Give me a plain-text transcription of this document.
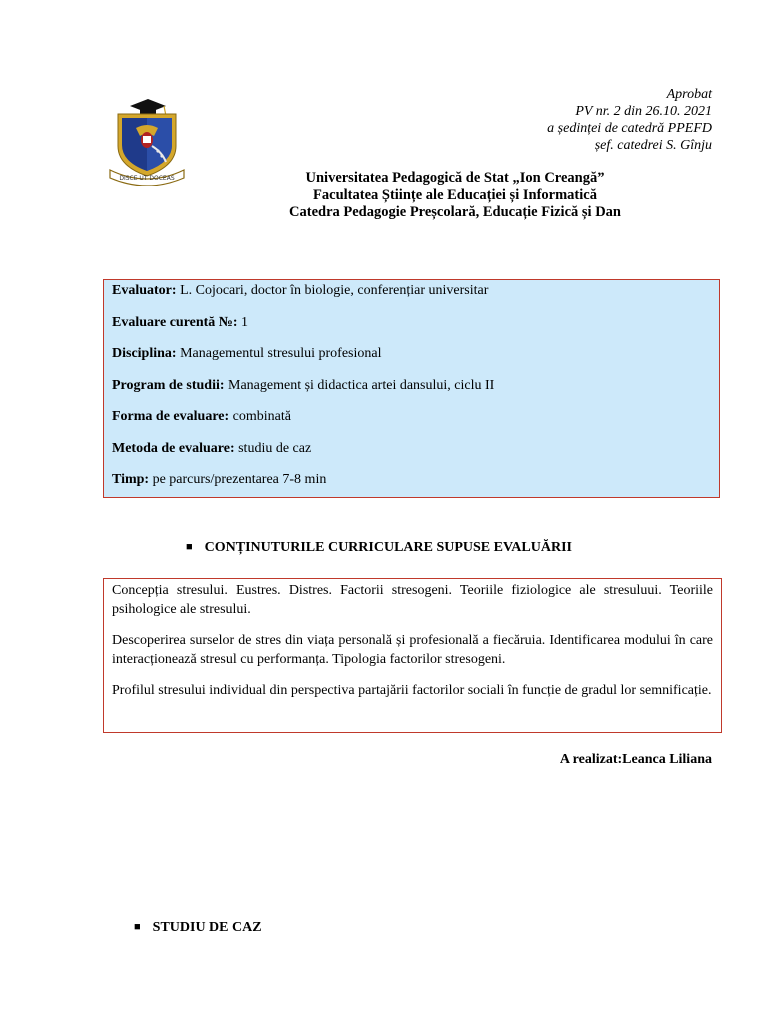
Aprobat
PV nr. 2 din 26.10. 2021
a ședinței de catedră PPEFD
șef. catedrei S. Gînju
DISCE UT DOCEAS	Universitatea Pedagogică de Stat „Ion Creangă”
Facultatea Științe ale Educației și Informatică
Catedra Pedagogie Preșcolară, Educație Fizică și Dan
Evaluator: L. Cojocari, doctor în biologie, conferențiar universitar
Evaluare curentă №: 1
Disciplina: Managementul stresului profesional
Program de studii: Management și didactica artei dansului, ciclu II
Forma de evaluare: combinată
Metoda de evaluare: studiu de caz
Timp: pe parcurs/prezentarea 7-8 min
■ CONȚINUTURILE CURRICULARE SUPUSE EVALUĂRII

Concepția stresului. Eustres. Distres. Factorii stresogeni. Teoriile fiziologice ale stresuluui. Teoriile psihologice ale stresului.

Descoperirea surselor de stres din viața personală și profesională a fiecăruia. Identificarea modului în care interacționează stresul cu performanța. Tipologia factorilor stresogeni.

Profilul stresului individual din perspectiva partajării factorilor sociali în funcție de gradul lor semnificație.

A realizat:Leanca Liliana
■ STUDIU DE CAZ
